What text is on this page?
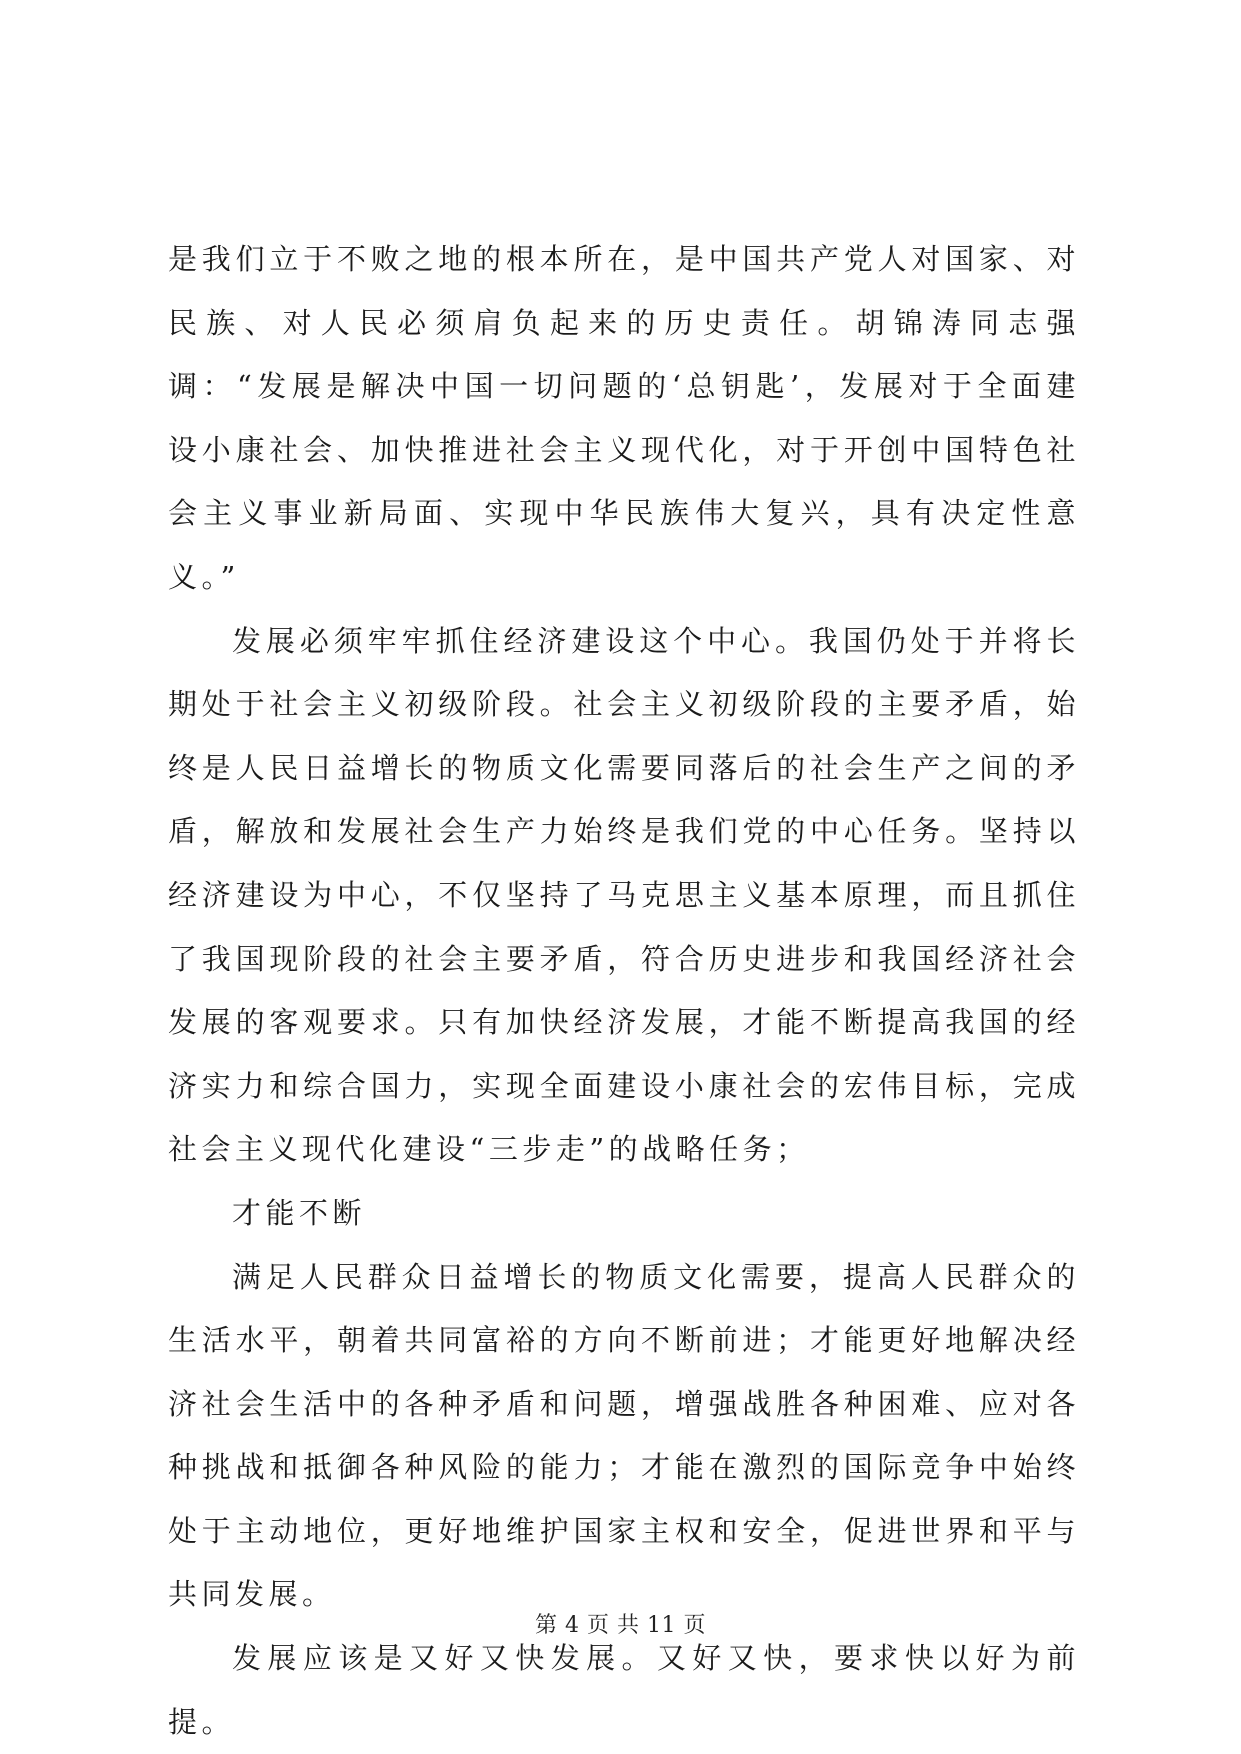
是我们立于不败之地的根本所在，是中国共产党人对国家、对民族、对人民必须肩负起来的历史责任。胡锦涛同志强调：“发展是解决中国一切问题的‘总钥匙’，发展对于全面建设小康社会、加快推进社会主义现代化，对于开创中国特色社会主义事业新局面、实现中华民族伟大复兴，具有决定性意义。”

发展必须牢牢抓住经济建设这个中心。我国仍处于并将长期处于社会主义初级阶段。社会主义初级阶段的主要矛盾，始终是人民日益增长的物质文化需要同落后的社会生产之间的矛盾，解放和发展社会生产力始终是我们党的中心任务。坚持以经济建设为中心，不仅坚持了马克思主义基本原理，而且抓住了我国现阶段的社会主要矛盾，符合历史进步和我国经济社会发展的客观要求。只有加快经济发展，才能不断提高我国的经济实力和综合国力，实现全面建设小康社会的宏伟目标，完成社会主义现代化建设“三步走”的战略任务；

才能不断

满足人民群众日益增长的物质文化需要，提高人民群众的生活水平，朝着共同富裕的方向不断前进；才能更好地解决经济社会生活中的各种矛盾和问题，增强战胜各种困难、应对各种挑战和抵御各种风险的能力；才能在激烈的国际竞争中始终处于主动地位，更好地维护国家主权和安全，促进世界和平与共同发展。

发展应该是又好又快发展。又好又快，要求快以好为前提。

第 4 页 共 11 页
